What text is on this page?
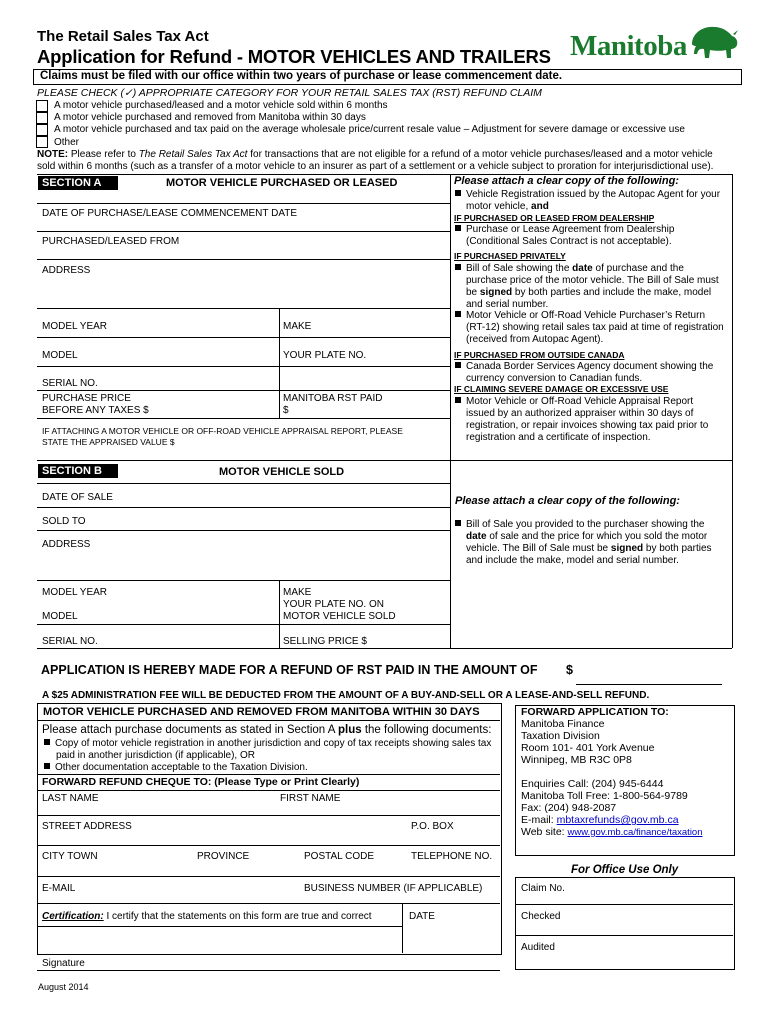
The Retail Sales Tax Act
Application for Refund - MOTOR VEHICLES AND TRAILERS Manitoba
Claims must be filed with our office within two years of purchase or lease commencement date.
PLEASE CHECK (✓) APPROPRIATE CATEGORY FOR YOUR RETAIL SALES TAX (RST) REFUND CLAIM
A motor vehicle purchased/leased and a motor vehicle sold within 6 months
A motor vehicle purchased and removed from Manitoba within 30 days
A motor vehicle purchased and tax paid on the average wholesale price/current resale value – Adjustment for severe damage or excessive use
Other
NOTE: Please refer to The Retail Sales Tax Act for transactions that are not eligible for a refund of a motor vehicle purchases/leased and a motor vehicle
sold within 6 months (such as a transfer of a motor vehicle to an insurer as part of a settlement or a vehicle subject to proration for interjurisdictional use).
SECTION A	MOTOR VEHICLE PURCHASED OR LEASED
DATE OF PURCHASE/LEASE COMMENCEMENT DATE
PURCHASED/LEASED FROM
ADDRESS
MODEL YEAR	MAKE
MODEL	YOUR PLATE NO.
SERIAL NO.
PURCHASE PRICE
BEFORE ANY TAXES $
MANITOBA RST PAID
$
IF ATTACHING A MOTOR VEHICLE OR OFF-ROAD VEHICLE APPRAISAL REPORT, PLEASE
STATE THE APPRAISED VALUE $
Please attach a clear copy of the following:
Vehicle Registration issued by the Autopac Agent for your
motor vehicle, and
IF PURCHASED OR LEASED FROM DEALERSHIP
Purchase or Lease Agreement from Dealership
(Conditional Sales Contract is not acceptable).
IF PURCHASED PRIVATELY
Bill of Sale showing the date of purchase and the
purchase price of the motor vehicle. The Bill of Sale must
be signed by both parties and include the make, model
and serial number.
Motor Vehicle or Off-Road Vehicle Purchaser’s Return
(RT-12) showing retail sales tax paid at time of registration
(received from Autopac Agent).
IF PURCHASED FROM OUTSIDE CANADA
Canada Border Services Agency document showing the
currency conversion to Canadian funds.
IF CLAIMING SEVERE DAMAGE OR EXCESSIVE USE
Motor Vehicle or Off-Road Vehicle Appraisal Report
issued by an authorized appraiser within 30 days of
registration, or repair invoices showing tax paid prior to
registration and a certificate of inspection.
SECTION B	MOTOR VEHICLE SOLD
DATE OF SALE
SOLD TO
ADDRESS
MODEL YEAR	MAKE
YOUR PLATE NO. ON
MODEL	MOTOR VEHICLE SOLD
SERIAL NO.	SELLING PRICE $
Please attach a clear copy of the following:
Bill of Sale you provided to the purchaser showing the
date of sale and the price for which you sold the motor
vehicle. The Bill of Sale must be signed by both parties
and include the make, model and serial number.
APPLICATION IS HEREBY MADE FOR A REFUND OF RST PAID IN THE AMOUNT OF $
A $25 ADMINISTRATION FEE WILL BE DEDUCTED FROM THE AMOUNT OF A BUY-AND-SELL OR A LEASE-AND-SELL REFUND.
MOTOR VEHICLE PURCHASED AND REMOVED FROM MANITOBA WITHIN 30 DAYS
Please attach purchase documents as stated in Section A plus the following documents:
Copy of motor vehicle registration in another jurisdiction and copy of tax receipts showing sales tax
paid in another jurisdiction (if applicable), OR
Other documentation acceptable to the Taxation Division.
FORWARD REFUND CHEQUE TO: (Please Type or Print Clearly)
LAST NAME	FIRST NAME
STREET ADDRESS	P.O. BOX
CITY TOWN	PROVINCE	POSTAL CODE	TELEPHONE NO.
E-MAIL	BUSINESS NUMBER (IF APPLICABLE)
Certification: I certify that the statements on this form are true and correct	DATE
Signature
FORWARD APPLICATION TO:
Manitoba Finance
Taxation Division
Room 101- 401 York Avenue
Winnipeg, MB R3C 0P8
Enquiries Call: (204) 945-6444
Manitoba Toll Free: 1-800-564-9789
Fax: (204) 948-2087
E-mail: mbtaxrefunds@gov.mb.ca
Web site: www.gov.mb.ca/finance/taxation
For Office Use Only
Claim No.
Checked
Audited
August 2014
